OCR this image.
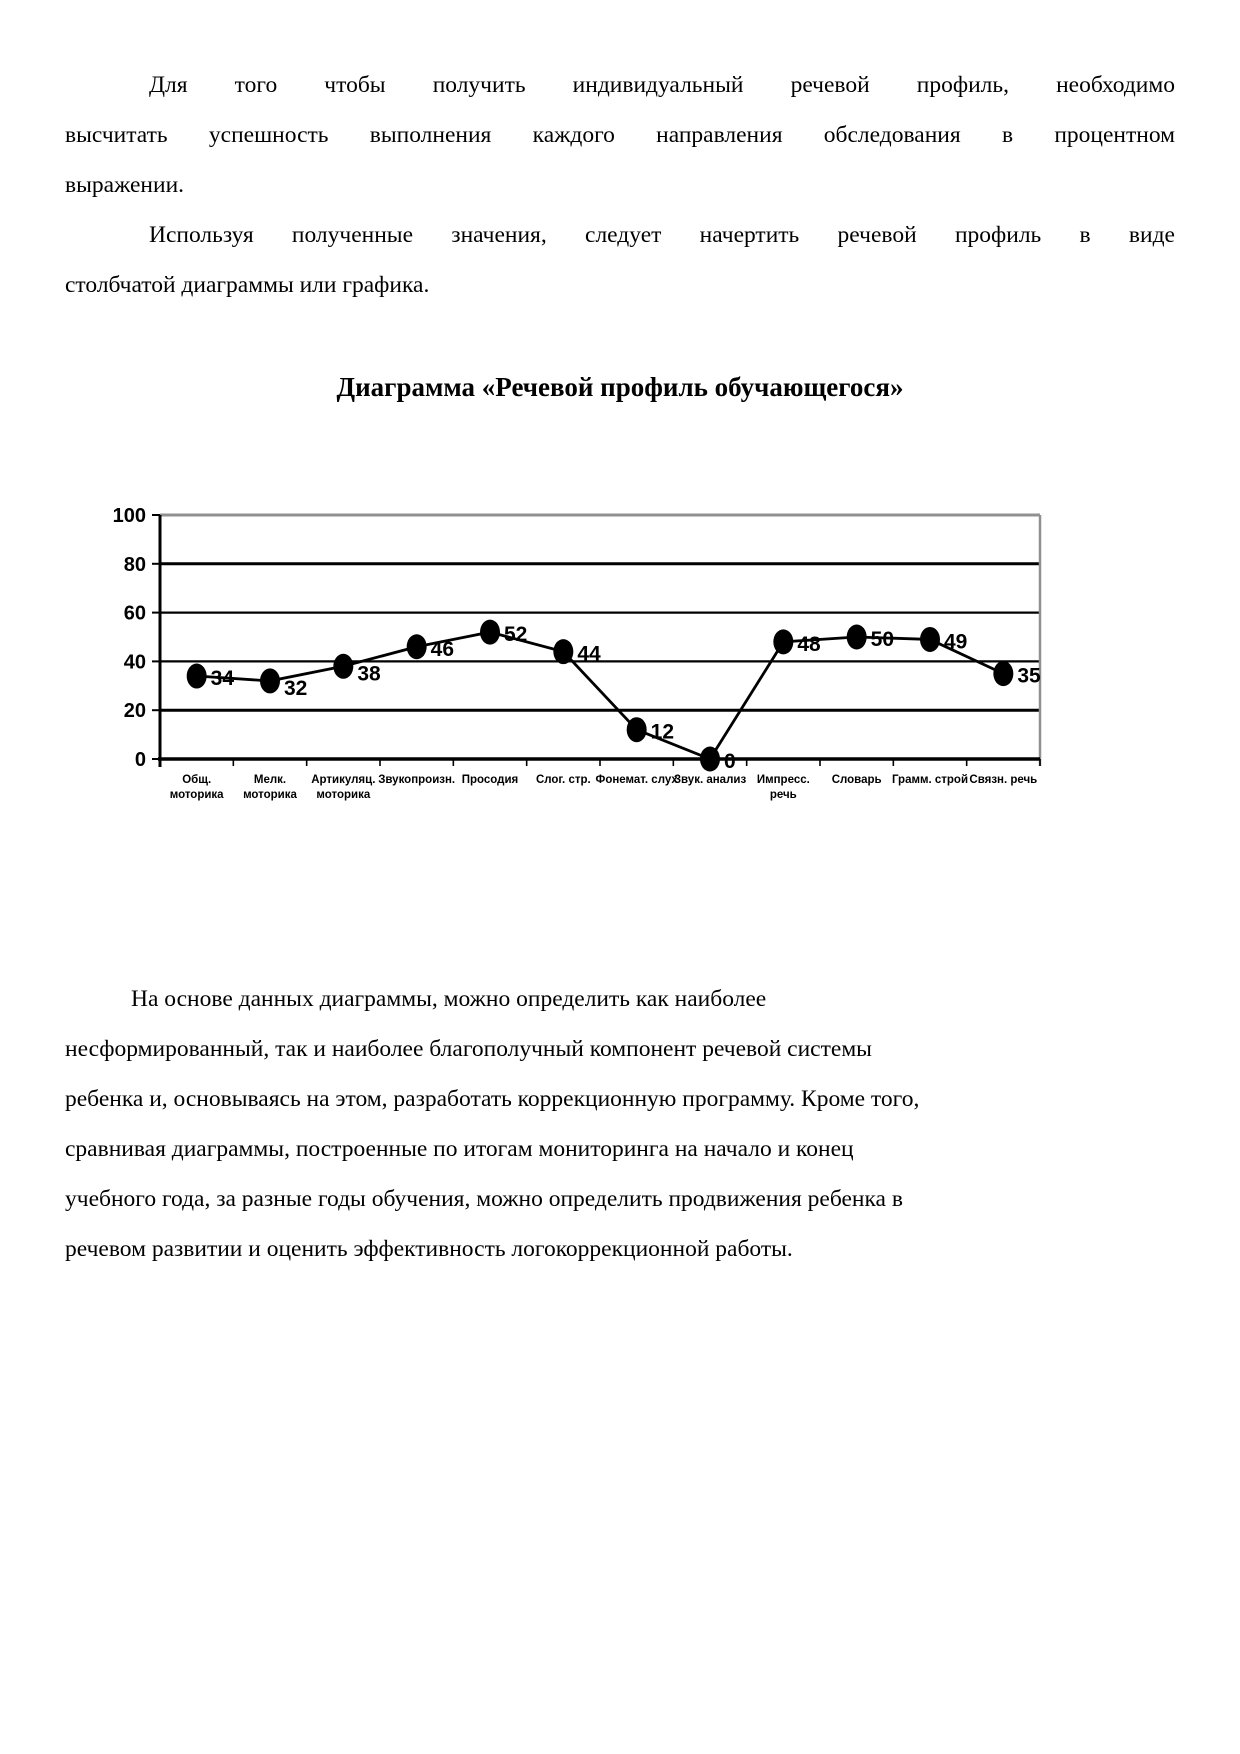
Для того чтобы получить индивидуальный речевой профиль, необходимо
высчитать успешность выполнения каждого направления обследования в процентном
выражении.
Используя полученные значения, следует начертить речевой профиль в виде
столбчатой диаграммы или графика.
Диаграмма «Речевой профиль обучающегося»
0
20
40
60
80
100
34 32
38
46
52
44
12
0
48 50 49
35
Общ.
моторика
Мелк.
моторика
Артикуляц.
моторика
Звукопроизн. Просодия Слог. стр. Фонемат. слух
Звук. анализ Импресс.
речь
Словарь Грамм. строй Связн. речь
На основе данных диаграммы, можно определить как наиболее
несформированный, так и наиболее благополучный компонент речевой системы
ребенка и, основываясь на этом, разработать коррекционную программу. Кроме того,
сравнивая диаграммы, построенные по итогам мониторинга на начало и конец
учебного года, за разные годы обучения, можно определить продвижения ребенка в
речевом развитии и оценить эффективность логокоррекционной работы.
